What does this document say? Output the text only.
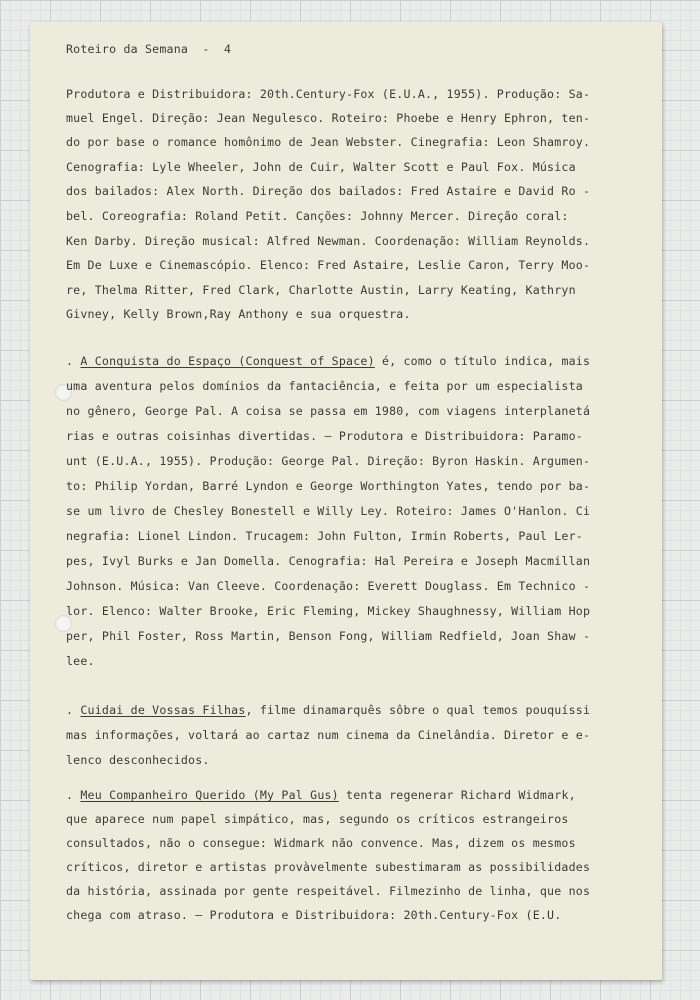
Roteiro da Semana  -  4
Produtora e Distribuidora: 20th.Century-Fox (E.U.A., 1955). Produção: Sa-
muel Engel. Direção: Jean Negulesco. Roteiro: Phoebe e Henry Ephron, ten-
do por base o romance homônimo de Jean Webster. Cinegrafia: Leon Shamroy.
Cenografia: Lyle Wheeler, John de Cuir, Walter Scott e Paul Fox. Música
dos bailados: Alex North. Direção dos bailados: Fred Astaire e David Ro -
bel. Coreografia: Roland Petit. Canções: Johnny Mercer. Direção coral:
Ken Darby. Direção musical: Alfred Newman. Coordenação: William Reynolds.
Em De Luxe e Cinemascópio. Elenco: Fred Astaire, Leslie Caron, Terry Moo-
re, Thelma Ritter, Fred Clark, Charlotte Austin, Larry Keating, Kathryn
Givney, Kelly Brown,Ray Anthony e sua orquestra.
. A Conquista do Espaço (Conquest of Space) é, como o título indica, mais
uma aventura pelos domínios da fantaciência, e feita por um especialista
no gênero, George Pal. A coisa se passa em 1980, com viagens interplanetá
rias e outras coisinhas divertidas. — Produtora e Distribuidora: Paramo-
unt (E.U.A., 1955). Produção: George Pal. Direção: Byron Haskin. Argumen-
to: Philip Yordan, Barré Lyndon e George Worthington Yates, tendo por ba-
se um livro de Chesley Bonestell e Willy Ley. Roteiro: James O'Hanlon. Ci
negrafia: Lionel Lindon. Trucagem: John Fulton, Irmin Roberts, Paul Ler-
pes, Ivyl Burks e Jan Domella. Cenografia: Hal Pereira e Joseph Macmillan
Johnson. Música: Van Cleeve. Coordenação: Everett Douglass. Em Technico -
lor. Elenco: Walter Brooke, Eric Fleming, Mickey Shaughnessy, William Hop
per, Phil Foster, Ross Martin, Benson Fong, William Redfield, Joan Shaw -
lee.
. Cuidai de Vossas Filhas, filme dinamarquês sôbre o qual temos pouquíssi
mas informações, voltará ao cartaz num cinema da Cinelândia. Diretor e e-
lenco desconhecidos.
. Meu Companheiro Querido (My Pal Gus) tenta regenerar Richard Widmark,
que aparece num papel simpático, mas, segundo os críticos estrangeiros
consultados, não o consegue: Widmark não convence. Mas, dizem os mesmos
críticos, diretor e artistas provàvelmente subestimaram as possibilidades
da história, assinada por gente respeitável. Filmezinho de linha, que nos
chega com atraso. — Produtora e Distribuidora: 20th.Century-Fox (E.U.
